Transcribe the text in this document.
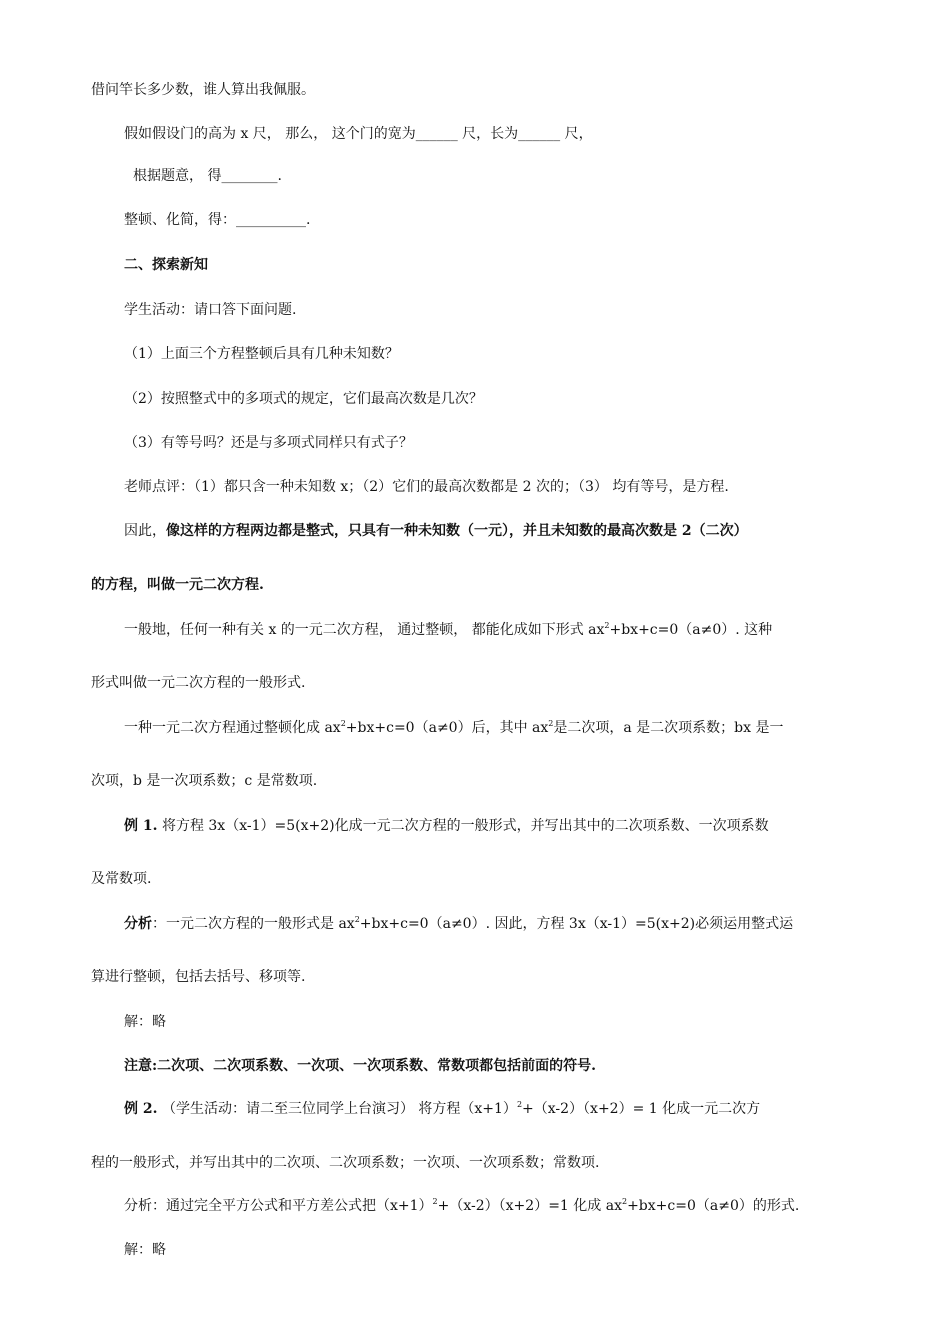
借问竿长多少数，谁人算出我佩服。
假如假设门的高为 x 尺， 那么， 这个门的宽为______ 尺，长为______ 尺，
根据题意， 得________.
整顿、化简，得：__________.
二、探索新知
学生活动：请口答下面问题.
（1）上面三个方程整顿后具有几种未知数？
（2）按照整式中的多项式的规定，它们最高次数是几次？
（3）有等号吗？还是与多项式同样只有式子？
老师点评：（1）都只含一种未知数 x；（2）它们的最高次数都是 2 次的；（3） 均有等号，是方程.
因此，像这样的方程两边都是整式，只具有一种未知数（一元），并且未知数的最高次数是 2（二次）
的方程，叫做一元二次方程.
一般地，任何一种有关 x 的一元二次方程， 通过整顿， 都能化成如下形式 $ax^2+bx+c=0(a\ne 0)$. 这种
形式叫做一元二次方程的一般形式.
一种一元二次方程通过整顿化成 $ax^2+bx+c=0(a\ne 0)$后，其中 $ax^2$是二次项，a 是二次项系数；bx 是一
次项，b 是一次项系数；c 是常数项.
例 1. 将方程 3x（x-1）=5(x+2)化成一元二次方程的一般形式，并写出其中的二次项系数、一次项系数
及常数项.
分析：一元二次方程的一般形式是 $ax^2+bx+c=0(a\ne 0)$. 因此，方程 3x（x-1）=5(x+2)必须运用整式运
算进行整顿，包括去括号、移项等.
解：略
注意:二次项、二次项系数、一次项、一次项系数、常数项都包括前面的符号.
例 2. （学生活动：请二至三位同学上台演习） 将方程$(x+1)^2+(x-2)(x+2)= 1$ 化成一元二次方
程的一般形式，并写出其中的二次项、二次项系数；一次项、一次项系数；常数项.
分析：通过完全平方公式和平方差公式把$(x+1)^2+(x-2)(x+2)=1$ 化成 $ax^2+bx+c=0(a\ne 0)$的形式.
解：略
